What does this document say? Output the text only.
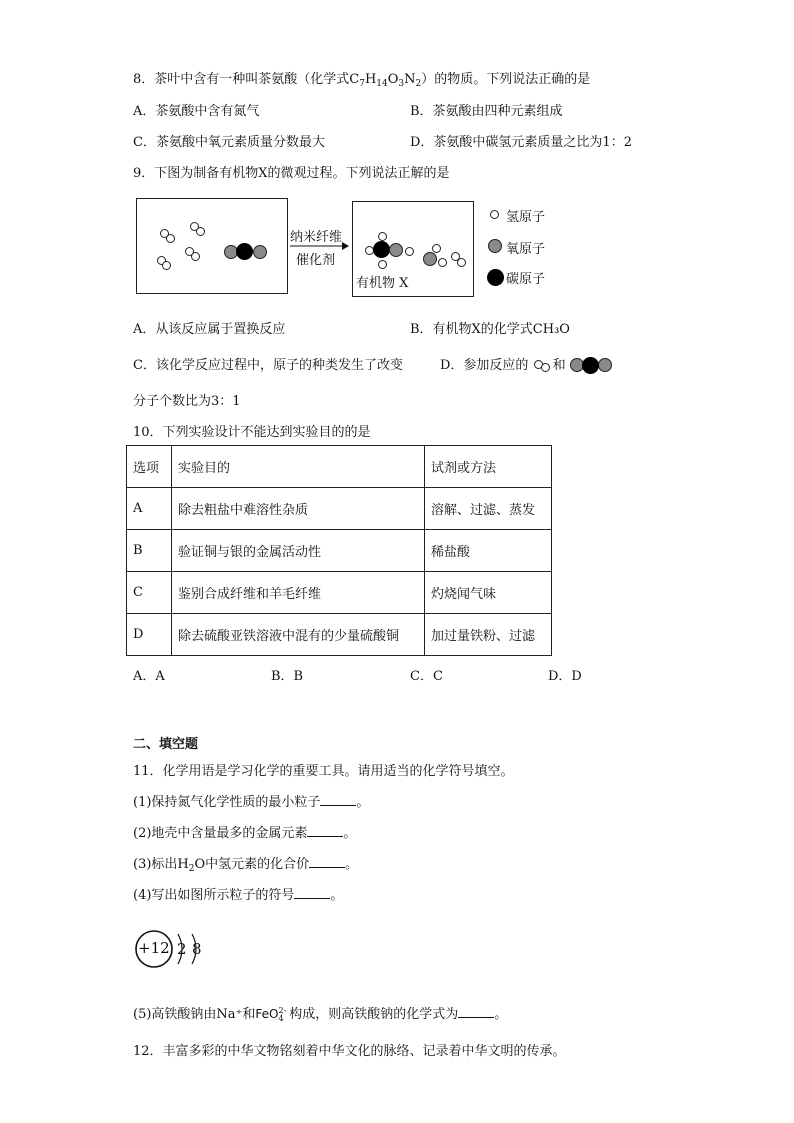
8．茶叶中含有一种叫茶氨酸（化学式$C_7H_{14}O_3N_2$）的物质。下列说法正确的是
A．茶氨酸中含有氮气	B．茶氨酸由四种元素组成
C．茶氨酸中氧元素质量分数最大	D．茶氨酸中碳氢元素质量之比为1：2
9．下图为制备有机物X的微观过程。下列说法正解的是
纳米纤维
催化剂
有机物 X
氢原子
氧原子
碳原子
A．从该反应属于置换反应	B．有机物X的化学式CH₃O
C．该化学反应过程中，原子的种类发生了改变	D．参加反应的 和
分子个数比为3：1
10．下列实验设计不能达到实验目的的是
选项	实验目的	试剂或方法
A	除去粗盐中难溶性杂质	溶解、过滤、蒸发
B	验证铜与银的金属活动性	稀盐酸
C	鉴别合成纤维和羊毛纤维	灼烧闻气味
D	除去硫酸亚铁溶液中混有的少量硫酸铜	加过量铁粉、过滤
A．A	B．B	C．C	D．D
二、填空题
11．化学用语是学习化学的重要工具。请用适当的化学符号填空。
(1)保持氮气化学性质的最小粒子	。
(2)地壳中含量最多的金属元素	。
(3)标出$H_2O$中氢元素的化合价	。
(4)写出如图所示粒子的符号	。
+12 2 8
(5)高铁酸钠由Na⁺和FeO2-
4 构成，则高铁酸钠的化学式为	。
12．丰富多彩的中华文物铭刻着中华文化的脉络、记录着中华文明的传承。
